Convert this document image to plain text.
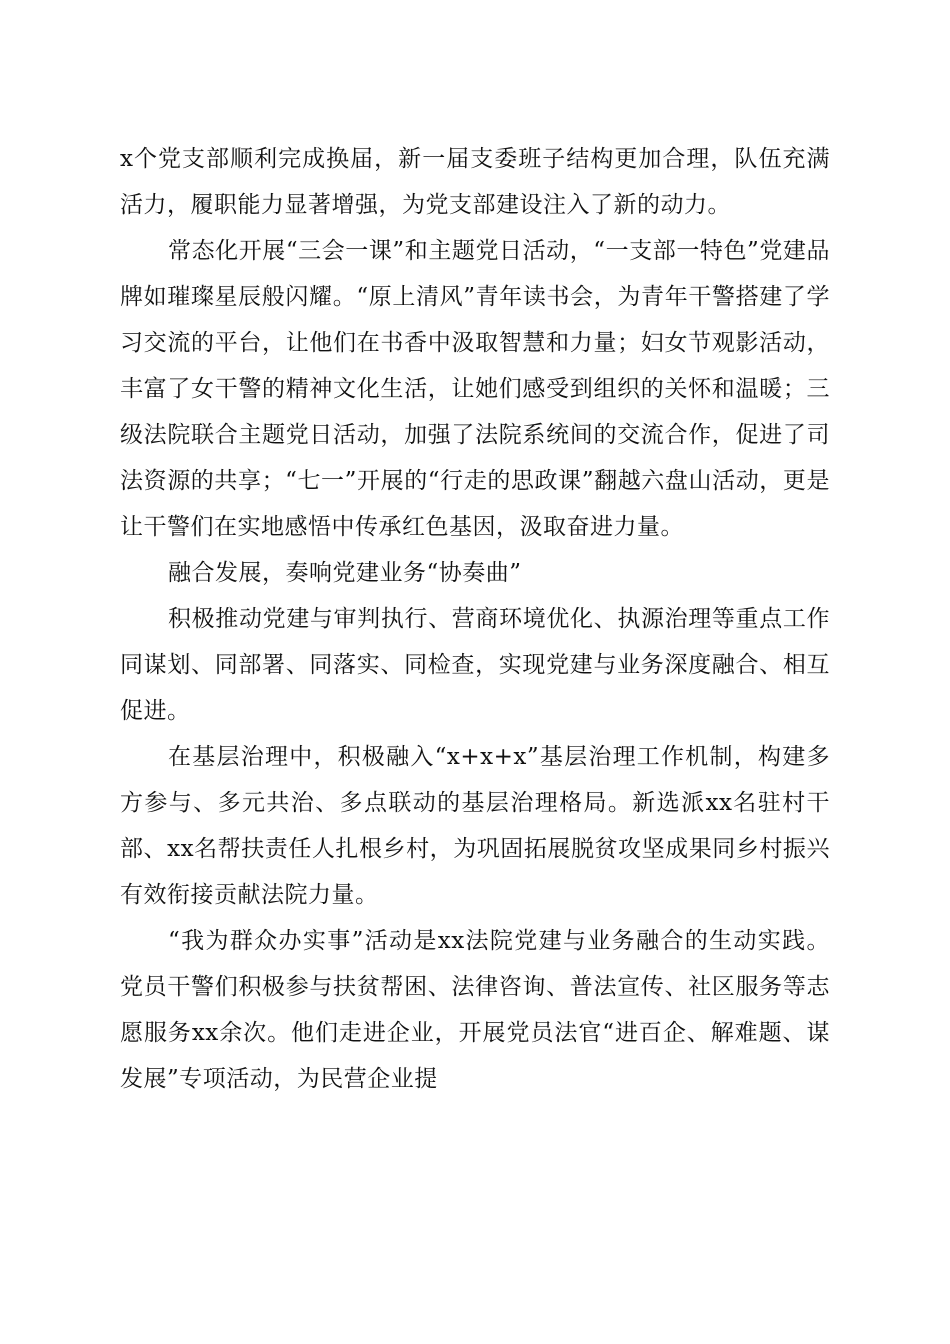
x个党支部顺利完成换届，新一届支委班子结构更加合理，队伍充满活力，履职能力显著增强，为党支部建设注入了新的动力。

常态化开展“三会一课”和主题党日活动，“一支部一特色”党建品牌如璀璨星辰般闪耀。“原上清风”青年读书会，为青年干警搭建了学习交流的平台，让他们在书香中汲取智慧和力量；妇女节观影活动，丰富了女干警的精神文化生活，让她们感受到组织的关怀和温暖；三级法院联合主题党日活动，加强了法院系统间的交流合作，促进了司法资源的共享；“七一”开展的“行走的思政课”翻越六盘山活动，更是让干警们在实地感悟中传承红色基因，汲取奋进力量。

融合发展，奏响党建业务“协奏曲”

积极推动党建与审判执行、营商环境优化、执源治理等重点工作同谋划、同部署、同落实、同检查，实现党建与业务深度融合、相互促进。

在基层治理中，积极融入“x+x+x”基层治理工作机制，构建多方参与、多元共治、多点联动的基层治理格局。新选派xx名驻村干部、xx名帮扶责任人扎根乡村，为巩固拓展脱贫攻坚成果同乡村振兴有效衔接贡献法院力量。

“我为群众办实事”活动是xx法院党建与业务融合的生动实践。党员干警们积极参与扶贫帮困、法律咨询、普法宣传、社区服务等志愿服务xx余次。他们走进企业，开展党员法官“进百企、解难题、谋发展”专项活动，为民营企业提
